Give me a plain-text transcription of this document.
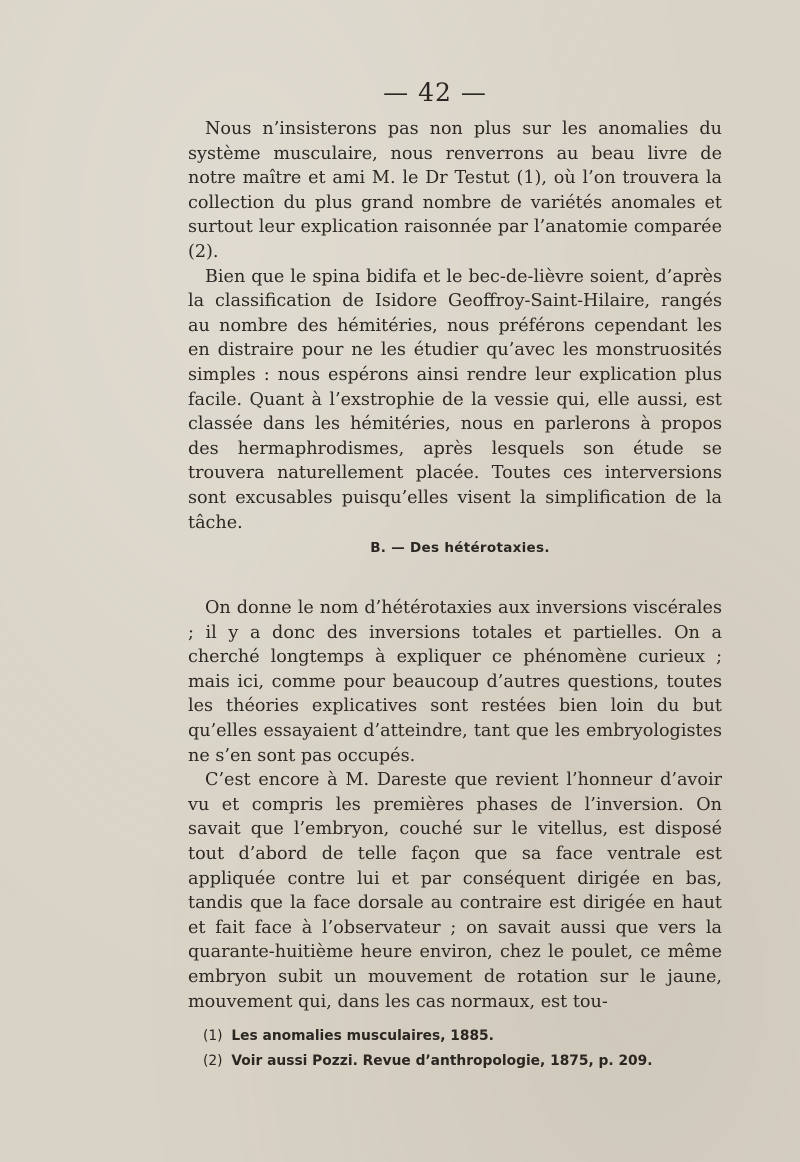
— 42 —

Nous n’insisterons pas non plus sur les anomalies du système musculaire, nous renverrons au beau livre de notre maître et ami M. le Dr Testut (1), où l’on trouvera la collection du plus grand nombre de variétés anomales et surtout leur explication raisonnée par l’anatomie comparée (2).

Bien que le spina bidifa et le bec-de-lièvre soient, d’après la classification de Isidore Geoffroy-Saint-Hilaire, rangés au nombre des hémitéries, nous préférons cependant les en distraire pour ne les étudier qu’avec les monstruosités simples : nous espérons ainsi rendre leur explication plus facile. Quant à l’exstrophie de la vessie qui, elle aussi, est classée dans les hémitéries, nous en parlerons à propos des hermaphrodismes, après lesquels son étude se trouvera naturellement placée. Toutes ces interversions sont excusables puisqu’elles visent la simplification de la tâche.

B. — Des hétérotaxies.

On donne le nom d’hétérotaxies aux inversions viscérales ; il y a donc des inversions totales et partielles. On a cherché longtemps à expliquer ce phénomène curieux ; mais ici, comme pour beaucoup d’autres questions, toutes les théories explicatives sont restées bien loin du but qu’elles essayaient d’atteindre, tant que les embryologistes ne s’en sont pas occupés.

C’est encore à M. Dareste que revient l’honneur d’avoir vu et compris les premières phases de l’inversion. On savait que l’embryon, couché sur le vitellus, est disposé tout d’abord de telle façon que sa face ventrale est appliquée contre lui et par conséquent dirigée en bas, tandis que la face dorsale au contraire est dirigée en haut et fait face à l’observateur ; on savait aussi que vers la quarante-huitième heure environ, chez le poulet, ce même embryon subit un mouvement de rotation sur le jaune, mouvement qui, dans les cas normaux, est tou-

(1) Les anomalies musculaires, 1885.
(2) Voir aussi Pozzi. Revue d’anthropologie, 1875, p. 209.
